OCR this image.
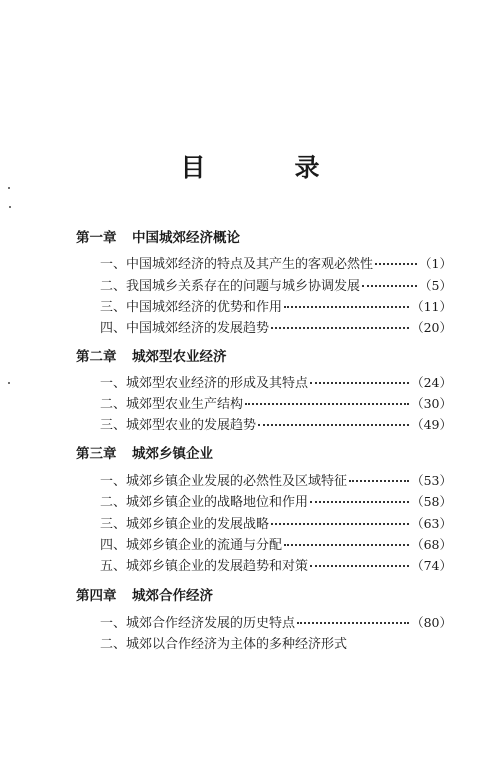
目　录
第一章 中国城郊经济概论
一、中国城郊经济的特点及其产生的客观必然性	（1）
二、我国城乡关系存在的问题与城乡协调发展	（5）
三、中国城郊经济的优势和作用	（11）
四、中国城郊经济的发展趋势	（20）
第二章 城郊型农业经济
一、城郊型农业经济的形成及其特点	（24）
二、城郊型农业生产结构	（30）
三、城郊型农业的发展趋势	（49）
第三章 城郊乡镇企业
一、城郊乡镇企业发展的必然性及区域特征	（53）
二、城郊乡镇企业的战略地位和作用	（58）
三、城郊乡镇企业的发展战略	（63）
四、城郊乡镇企业的流通与分配	（68）
五、城郊乡镇企业的发展趋势和对策	（74）
第四章 城郊合作经济
一、城郊合作经济发展的历史特点	（80）
二、城郊以合作经济为主体的多种经济形式
